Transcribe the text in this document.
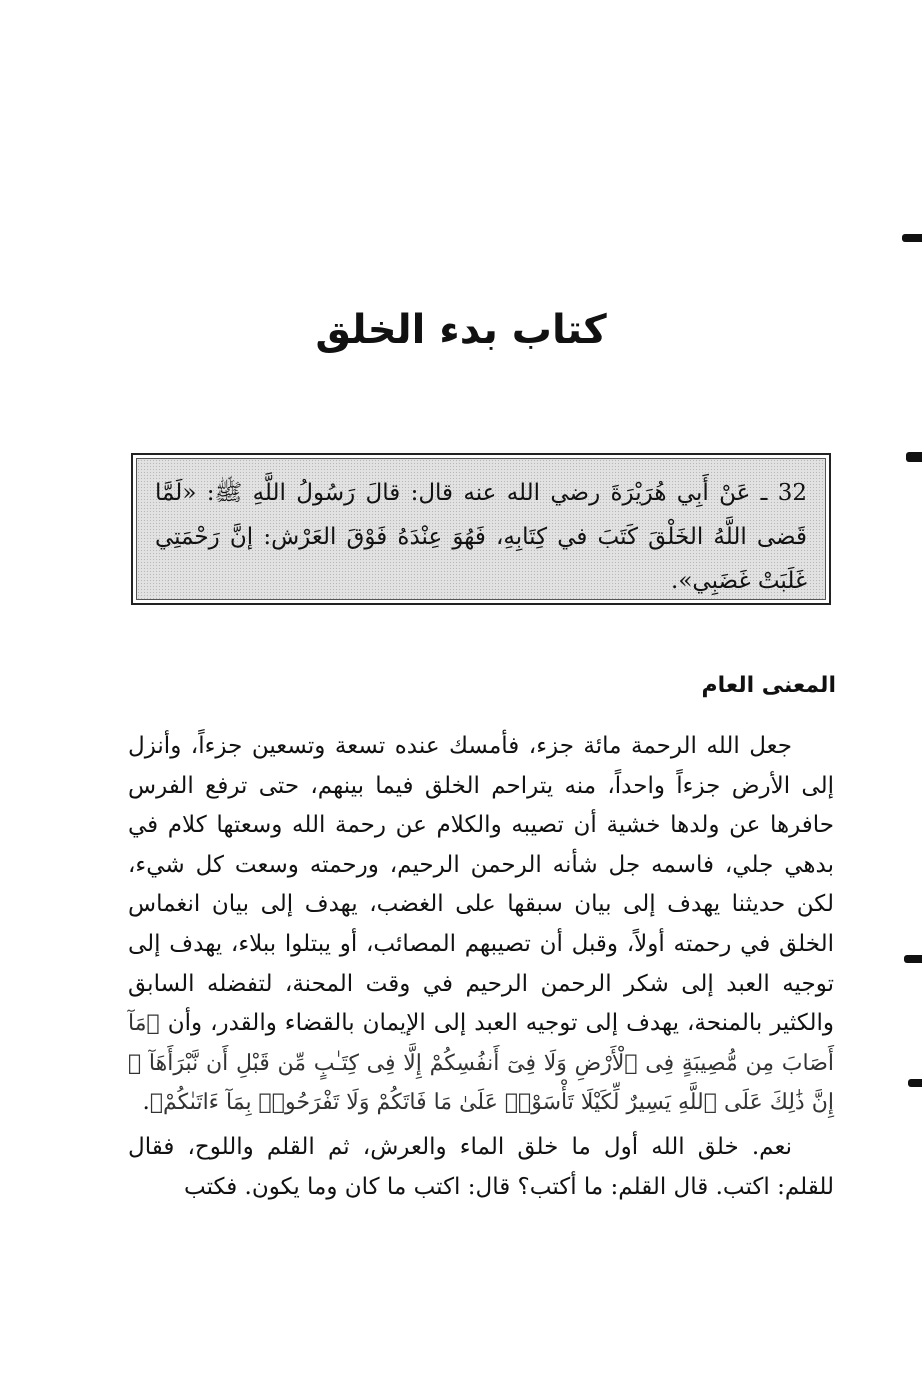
كتاب بدء الخلق
32 ـ عَنْ أَبِي هُرَيْرَةَ رضي الله عنه قال: قالَ رَسُولُ اللَّهِ ﷺ: «لَمَّا قَضى اللَّهُ الخَلْقَ كَتَبَ في كِتَابِهِ، فَهُوَ عِنْدَهُ فَوْقَ العَرْش: إنَّ رَحْمَتِي غَلَبَتْ غَضَبِي».
المعنى العام

جعل الله الرحمة مائة جزء، فأمسك عنده تسعة وتسعين جزءاً، وأنزل إلى الأرض جزءاً واحداً، منه يتراحم الخلق فيما بينهم، حتى ترفع الفرس حافرها عن ولدها خشية أن تصيبه والكلام عن رحمة الله وسعتها كلام في بدهي جلي، فاسمه جل شأنه الرحمن الرحيم، ورحمته وسعت كل شيء، لكن حديثنا يهدف إلى بيان سبقها على الغضب، يهدف إلى بيان انغماس الخلق في رحمته أولاً، وقبل أن تصيبهم المصائب، أو يبتلوا ببلاء، يهدف إلى توجيه العبد إلى شكر الرحمن الرحيم في وقت المحنة، لتفضله السابق والكثير بالمنحة، يهدف إلى توجيه العبد إلى الإيمان بالقضاء والقدر، وأن ﴿مَآ أَصَابَ مِن مُّصِيبَةٍ فِى ٱلْأَرْضِ وَلَا فِىٓ أَنفُسِكُمْ إِلَّا فِى كِتَـٰبٍ مِّن قَبْلِ أَن نَّبْرَأَهَآ ۚ إِنَّ ذَٰلِكَ عَلَى ٱللَّهِ يَسِيرٌ لِّكَيْلَا تَأْسَوْا۟ عَلَىٰ مَا فَاتَكُمْ وَلَا تَفْرَحُوا۟ بِمَآ ءَاتَىٰكُمْ﴾.

نعم. خلق الله أول ما خلق الماء والعرش، ثم القلم واللوح، فقال للقلم: اكتب. قال القلم: ما أكتب؟ قال: اكتب ما كان وما يكون. فكتب
